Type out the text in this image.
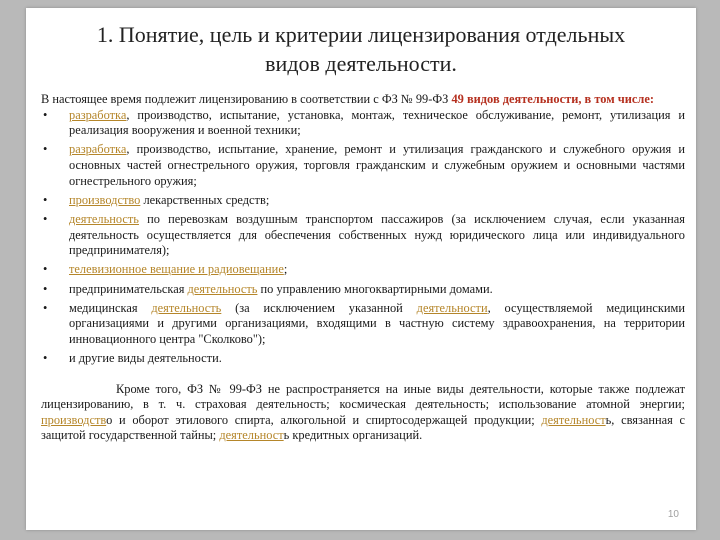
1. Понятие, цель и критерии лицензирования отдельных
видов деятельности.

В настоящее время подлежит лицензированию в соответствии с ФЗ № 99-ФЗ 49 видов деятельности, в том числе:

• разработка, производство, испытание, установка, монтаж, техническое обслуживание, ремонт, утилизация и реализация вооружения и военной техники;
• разработка, производство, испытание, хранение, ремонт и утилизация гражданского и служебного оружия и основных частей огнестрельного оружия, торговля гражданским и служебным оружием и основными частями огнестрельного оружия;
• производство лекарственных средств;
• деятельность по перевозкам воздушным транспортом пассажиров (за исключением случая, если указанная деятельность осуществляется для обеспечения собственных нужд юридического лица или индивидуального предпринимателя);
• телевизионное вещание и радиовещание;
• предпринимательская деятельность по управлению многоквартирными домами.
• медицинская деятельность (за исключением указанной деятельности, осуществляемой медицинскими организациями и другими организациями, входящими в частную систему здравоохранения, на территории инновационного центра "Сколково");
• и другие виды деятельности.

Кроме того, ФЗ № 99-ФЗ не распространяется на иные виды деятельности, которые также подлежат лицензированию, в т. ч. страховая деятельность; космическая деятельность; использование атомной энергии; производство и оборот этилового спирта, алкогольной и спиртосодержащей продукции; деятельность, связанная с защитой государственной тайны; деятельность кредитных организаций.

10
